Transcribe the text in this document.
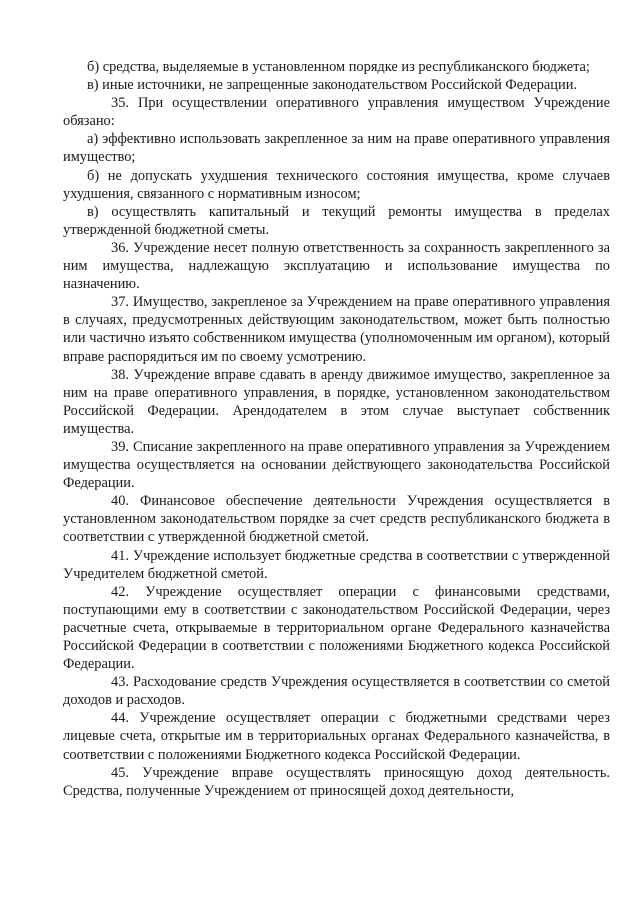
б) средства, выделяемые в установленном порядке из республиканского бюджета;

в) иные источники, не запрещенные законодательством Российской Федерации.

35. При осуществлении оперативного управления имуществом Учреждение обязано:

а) эффективно использовать закрепленное за ним на праве оперативного управления имущество;

б) не допускать ухудшения технического состояния имущества, кроме случаев ухудшения, связанного с нормативным износом;

в) осуществлять капитальный и текущий ремонты имущества в пределах утвержденной бюджетной сметы.

36. Учреждение несет полную ответственность за сохранность закрепленного за ним имущества, надлежащую эксплуатацию и использование имущества по назначению.

37. Имущество, закрепленое за Учреждением на праве оперативного управления в случаях, предусмотренных действующим законодательством, может быть полностью или частично изъято собственником имущества (уполномоченным им органом), который вправе распорядиться им по своему усмотрению.

38. Учреждение вправе сдавать в аренду движимое имущество, закрепленное за ним на праве оперативного управления, в порядке, установленном законодательством Российской Федерации. Арендодателем в этом случае выступает собственник имущества.

39. Списание закрепленного на праве оперативного управления за Учреждением имущества осуществляется на основании действующего законодательства Российской Федерации.

40. Финансовое обеспечение деятельности Учреждения осуществляется в установленном законодательством порядке за счет средств республиканского бюджета в соответствии с утвержденной бюджетной сметой.

41. Учреждение использует бюджетные средства в соответствии с утвержденной Учредителем бюджетной сметой.

42. Учреждение осуществляет операции с финансовыми средствами, поступающими ему в соответствии с законодательством Российской Федерации, через расчетные счета, открываемые в территориальном органе Федерального казначейства Российской Федерации в соответствии с положениями Бюджетного кодекса Российской Федерации.

43. Расходование средств Учреждения осуществляется в соответствии со сметой доходов и расходов.

44. Учреждение осуществляет операции с бюджетными средствами через лицевые счета, открытые им в территориальных органах Федерального казначейства, в соответствии с положениями Бюджетного кодекса Российской Федерации.

45. Учреждение вправе осуществлять приносящую доход деятельность. Средства, полученные Учреждением от приносящей доход деятельности,
